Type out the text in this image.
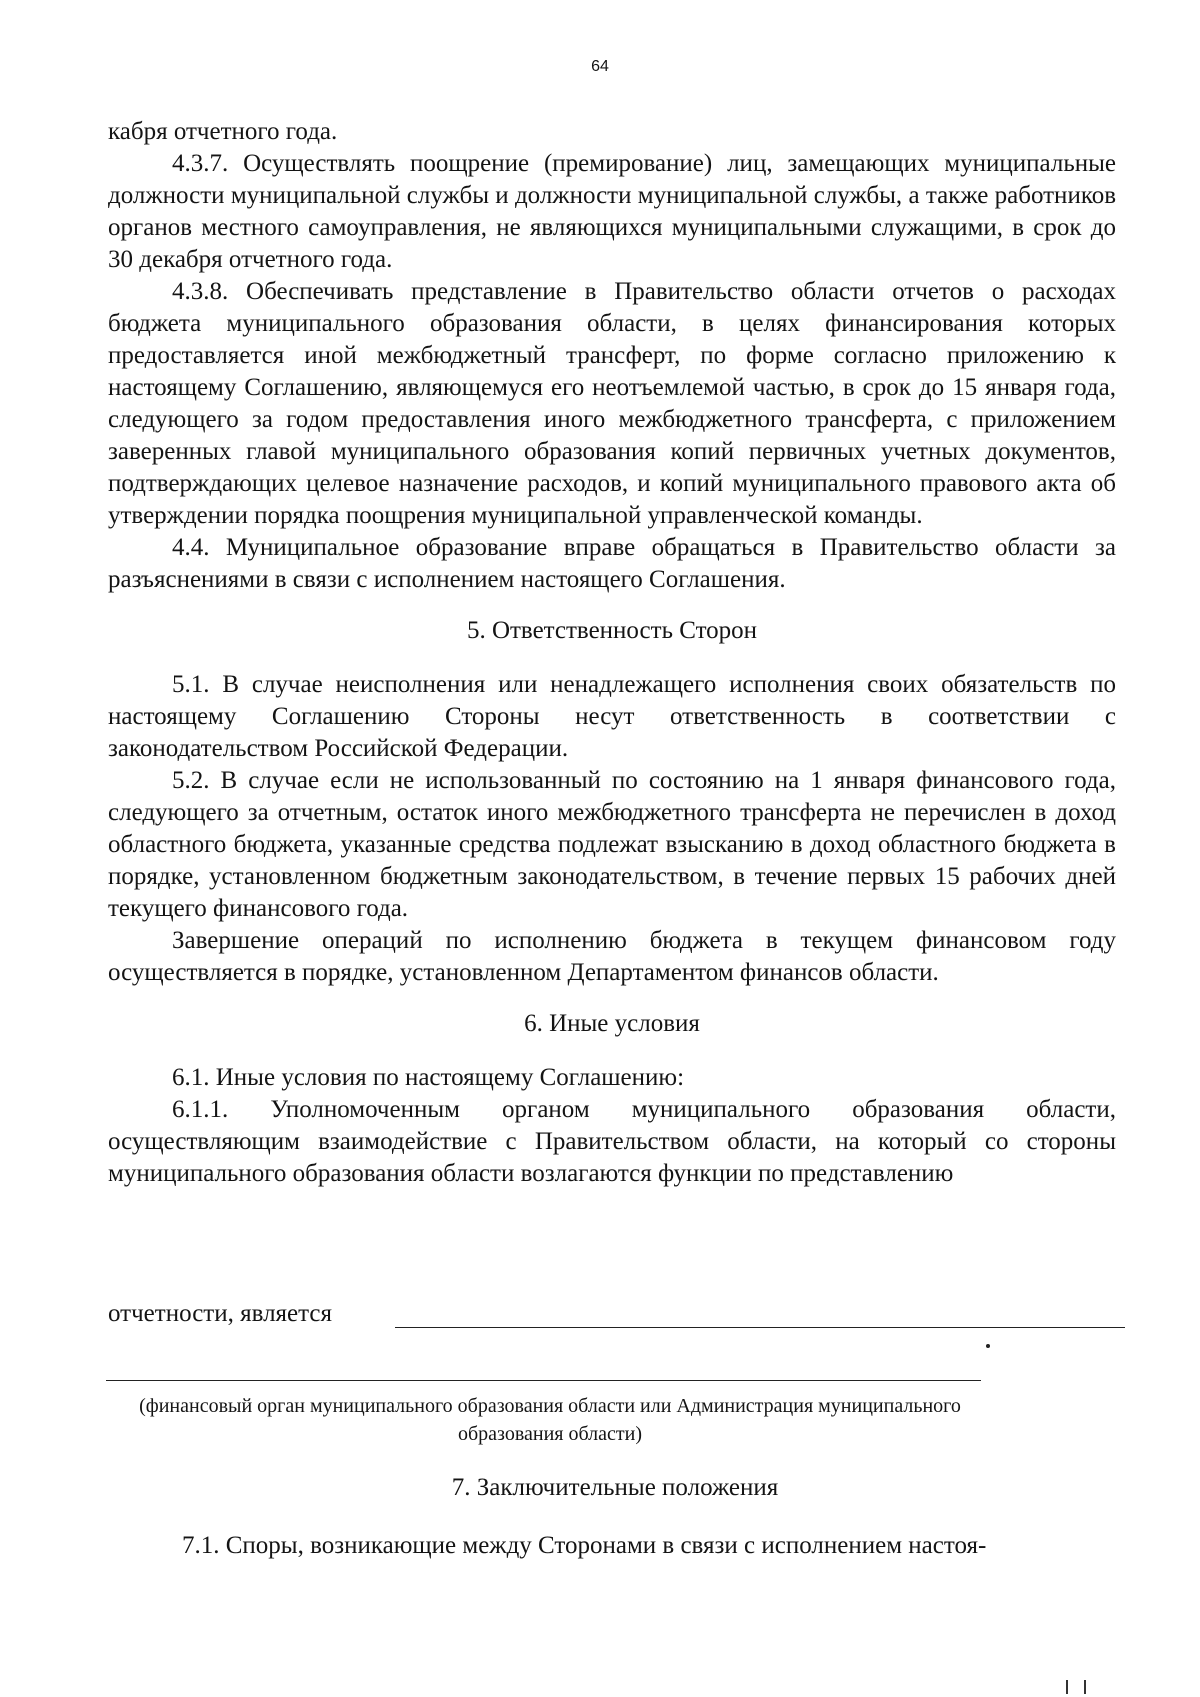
64

кабря отчетного года.

4.3.7. Осуществлять поощрение (премирование) лиц, замещающих муниципальные должности муниципальной службы и должности муниципальной службы, а также работников органов местного самоуправления, не являющихся муниципальными служащими, в срок до 30 декабря отчетного года.

4.3.8. Обеспечивать представление в Правительство области отчетов о расходах бюджета муниципального образования области, в целях финансирования которых предоставляется иной межбюджетный трансферт, по форме согласно приложению к настоящему Соглашению, являющемуся его неотъемлемой частью, в срок до 15 января года, следующего за годом предоставления иного межбюджетного трансферта, с приложением заверенных главой муниципального образования копий первичных учетных документов, подтверждающих целевое назначение расходов, и копий муниципального правового акта об утверждении порядка поощрения муниципальной управленческой команды.

4.4. Муниципальное образование вправе обращаться в Правительство области за разъяснениями в связи с исполнением настоящего Соглашения.

5. Ответственность Сторон

5.1. В случае неисполнения или ненадлежащего исполнения своих обязательств по настоящему Соглашению Стороны несут ответственность в соответствии с законодательством Российской Федерации.

5.2. В случае если не использованный по состоянию на 1 января финансового года, следующего за отчетным, остаток иного межбюджетного трансферта не перечислен в доход областного бюджета, указанные средства подлежат взысканию в доход областного бюджета в порядке, установленном бюджетным законодательством, в течение первых 15 рабочих дней текущего финансового года.

Завершение операций по исполнению бюджета в текущем финансовом году осуществляется в порядке, установленном Департаментом финансов области.

6. Иные условия

6.1. Иные условия по настоящему Соглашению:

6.1.1. Уполномоченным органом муниципального образования области, осуществляющим взаимодействие с Правительством области, на который со стороны муниципального образования области возлагаются функции по представлению

отчетности, является
(финансовый орган муниципального образования области или Администрация муниципального образования области)
7. Заключительные положения
7.1. Споры, возникающие между Сторонами в связи с исполнением настоя-
